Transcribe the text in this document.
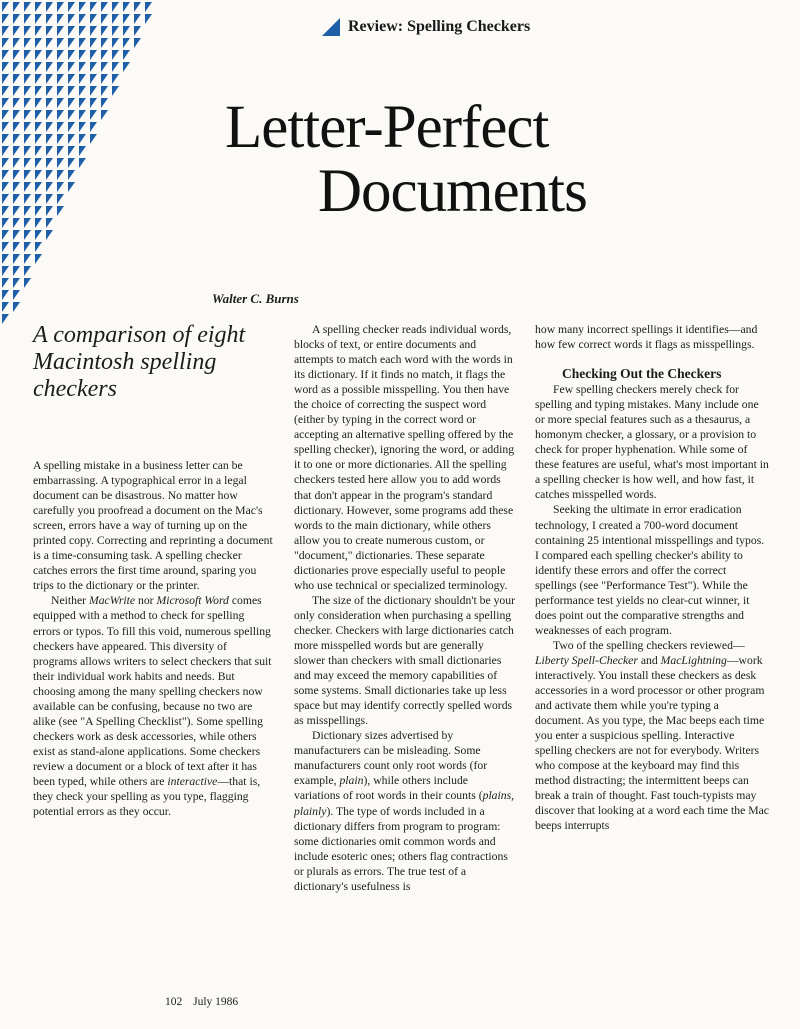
Review: Spelling Checkers
Letter-Perfect
Documents
Walter C. Burns
A comparison of eight Macintosh spelling checkers

A spelling mistake in a business letter can be embarrassing. A typographical error in a legal document can be disastrous. No matter how carefully you proofread a document on the Mac's screen, errors have a way of turning up on the printed copy. Correcting and reprinting a document is a time-consuming task. A spelling checker catches errors the first time around, sparing you trips to the dictionary or the printer.

Neither MacWrite nor Microsoft Word comes equipped with a method to check for spelling errors or typos. To fill this void, numerous spelling checkers have appeared. This diversity of programs allows writers to select checkers that suit their individual work habits and needs. But choosing among the many spelling checkers now available can be confusing, because no two are alike (see "A Spelling Checklist"). Some spelling checkers work as desk accessories, while others exist as stand-alone applications. Some checkers review a document or a block of text after it has been typed, while others are interactive—that is, they check your spelling as you type, flagging potential errors as they occur.

A spelling checker reads individual words, blocks of text, or entire documents and attempts to match each word with the words in its dictionary. If it finds no match, it flags the word as a possible misspelling. You then have the choice of correcting the suspect word (either by typing in the correct word or accepting an alternative spelling offered by the spelling checker), ignoring the word, or adding it to one or more dictionaries. All the spelling checkers tested here allow you to add words that don't appear in the program's standard dictionary. However, some programs add these words to the main dictionary, while others allow you to create numerous custom, or "document," dictionaries. These separate dictionaries prove especially useful to people who use technical or specialized terminology.

The size of the dictionary shouldn't be your only consideration when purchasing a spelling checker. Checkers with large dictionaries catch more misspelled words but are generally slower than checkers with small dictionaries and may exceed the memory capabilities of some systems. Small dictionaries take up less space but may identify correctly spelled words as misspellings.

Dictionary sizes advertised by manufacturers can be misleading. Some manufacturers count only root words (for example, plain), while others include variations of root words in their counts (plains, plainly). The type of words included in a dictionary differs from program to program: some dictionaries omit common words and include esoteric ones; others flag contractions or plurals as errors. The true test of a dictionary's usefulness is

how many incorrect spellings it identifies—and how few correct words it flags as misspellings.

Checking Out the Checkers

Few spelling checkers merely check for spelling and typing mistakes. Many include one or more special features such as a thesaurus, a homonym checker, a glossary, or a provision to check for proper hyphenation. While some of these features are useful, what's most important in a spelling checker is how well, and how fast, it catches misspelled words.

Seeking the ultimate in error eradication technology, I created a 700-word document containing 25 intentional misspellings and typos. I compared each spelling checker's ability to identify these errors and offer the correct spellings (see "Performance Test"). While the performance test yields no clear-cut winner, it does point out the comparative strengths and weaknesses of each program.

Two of the spelling checkers reviewed—Liberty Spell-Checker and MacLightning—work interactively. You install these checkers as desk accessories in a word processor or other program and activate them while you're typing a document. As you type, the Mac beeps each time you enter a suspicious spelling. Interactive spelling checkers are not for everybody. Writers who compose at the keyboard may find this method distracting; the intermittent beeps can break a train of thought. Fast touch-typists may discover that looking at a word each time the Mac beeps interrupts

102 July 1986
